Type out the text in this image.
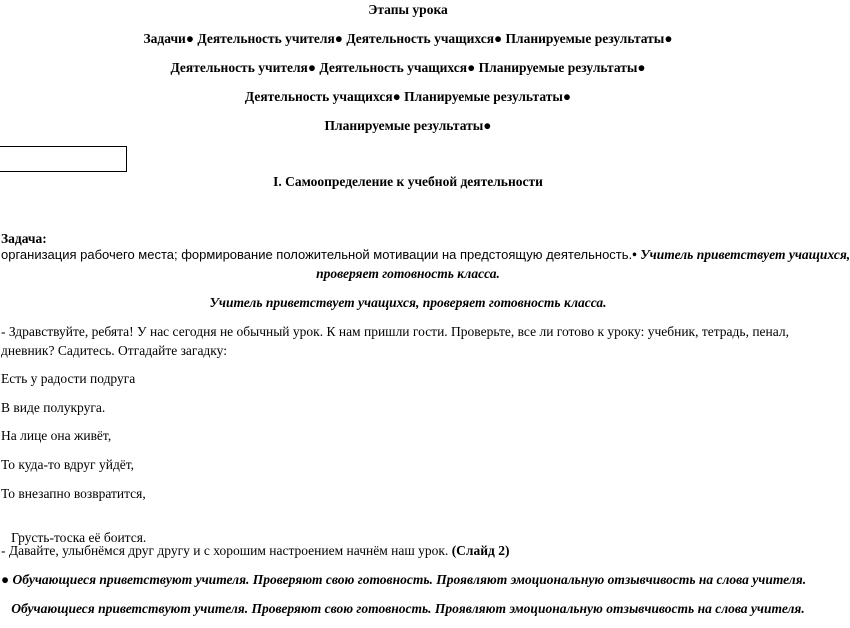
Этапы урока
Задачи● Деятельность учителя● Деятельность учащихся● Планируемые результаты●
Деятельность учителя● Деятельность учащихся● Планируемые результаты●
Деятельность учащихся● Планируемые результаты●
Планируемые результаты●
I. Самоопределение к учебной деятельности
Задача:
организация рабочего места; формирование положительной мотивации на предстоящую деятельность.• Учитель приветствует учащихся,
проверяет готовность класса.
Учитель приветствует учащихся, проверяет готовность класса.
- Здравствуйте, ребята! У нас сегодня не обычный урок. К нам пришли гости. Проверьте, все ли готово к уроку: учебник, тетрадь, пенал,
дневник? Садитесь. Отгадайте загадку:
Есть у радости подруга
В виде полукруга.
На лице она живёт,
То куда-то вдруг уйдёт,
То внезапно возвратится,

Грусть-тоска её боится.

- Давайте, улыбнёмся друг другу и с хорошим настроением начнём наш урок. (Слайд 2)
● Обучающиеся приветствуют учителя. Проверяют свою готовность. Проявляют эмоциональную отзывчивость на слова учителя.
Обучающиеся приветствуют учителя. Проверяют свою готовность. Проявляют эмоциональную отзывчивость на слова учителя.
